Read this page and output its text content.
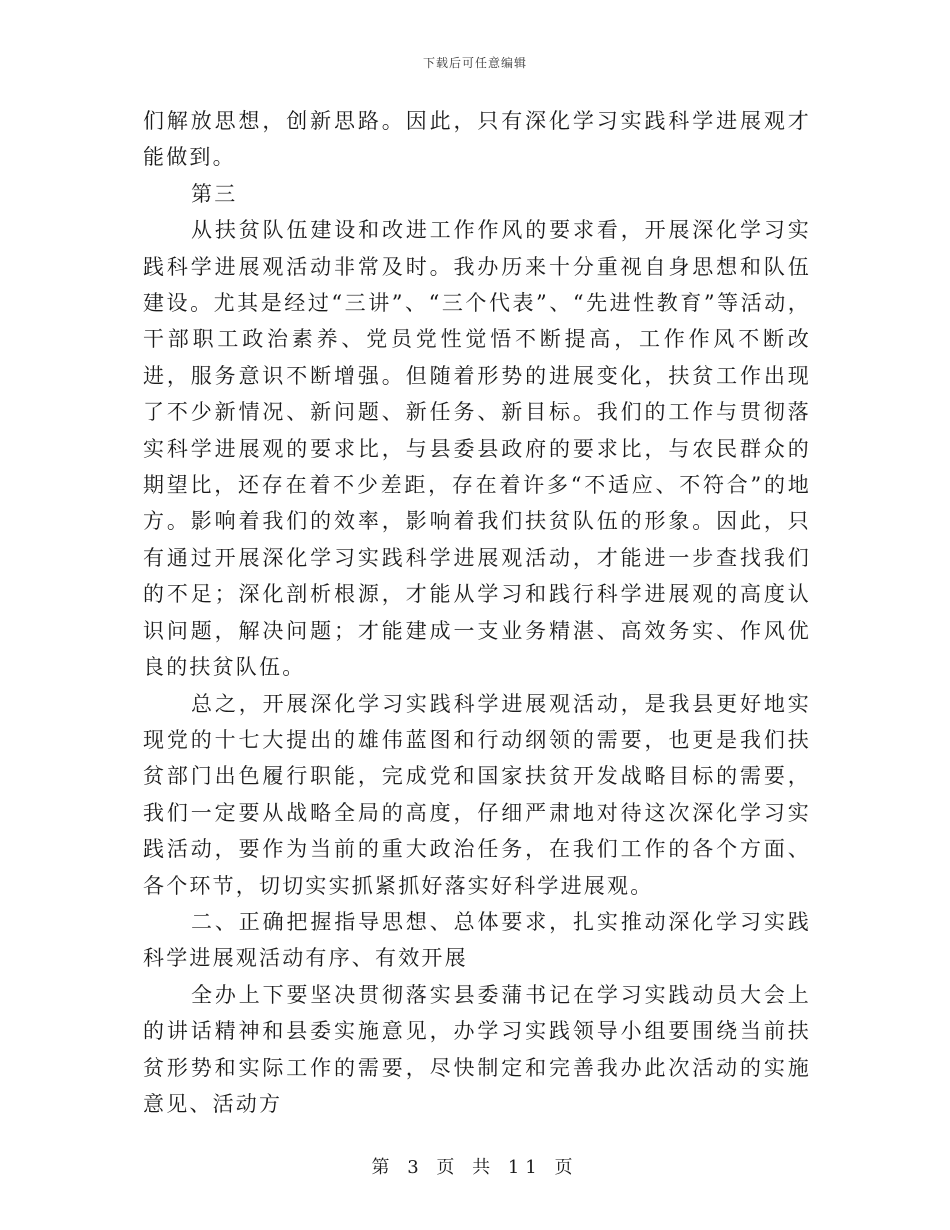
下载后可任意编辑

们解放思想，创新思路。因此，只有深化学习实践科学进展观才能做到。

第三

从扶贫队伍建设和改进工作作风的要求看，开展深化学习实践科学进展观活动非常及时。我办历来十分重视自身思想和队伍建设。尤其是经过“三讲”、“三个代表”、“先进性教育”等活动，干部职工政治素养、党员党性觉悟不断提高，工作作风不断改进，服务意识不断增强。但随着形势的进展变化，扶贫工作出现了不少新情况、新问题、新任务、新目标。我们的工作与贯彻落实科学进展观的要求比，与县委县政府的要求比，与农民群众的期望比，还存在着不少差距，存在着许多“不适应、不符合”的地方。影响着我们的效率，影响着我们扶贫队伍的形象。因此，只有通过开展深化学习实践科学进展观活动，才能进一步查找我们的不足；深化剖析根源，才能从学习和践行科学进展观的高度认识问题，解决问题；才能建成一支业务精湛、高效务实、作风优良的扶贫队伍。

总之，开展深化学习实践科学进展观活动，是我县更好地实现党的十七大提出的雄伟蓝图和行动纲领的需要，也更是我们扶贫部门出色履行职能，完成党和国家扶贫开发战略目标的需要，我们一定要从战略全局的高度，仔细严肃地对待这次深化学习实践活动，要作为当前的重大政治任务，在我们工作的各个方面、各个环节，切切实实抓紧抓好落实好科学进展观。

二、正确把握指导思想、总体要求，扎实推动深化学习实践科学进展观活动有序、有效开展

全办上下要坚决贯彻落实县委蒲书记在学习实践动员大会上的讲话精神和县委实施意见，办学习实践领导小组要围绕当前扶贫形势和实际工作的需要，尽快制定和完善我办此次活动的实施意见、活动方

第 3 页 共 11 页
